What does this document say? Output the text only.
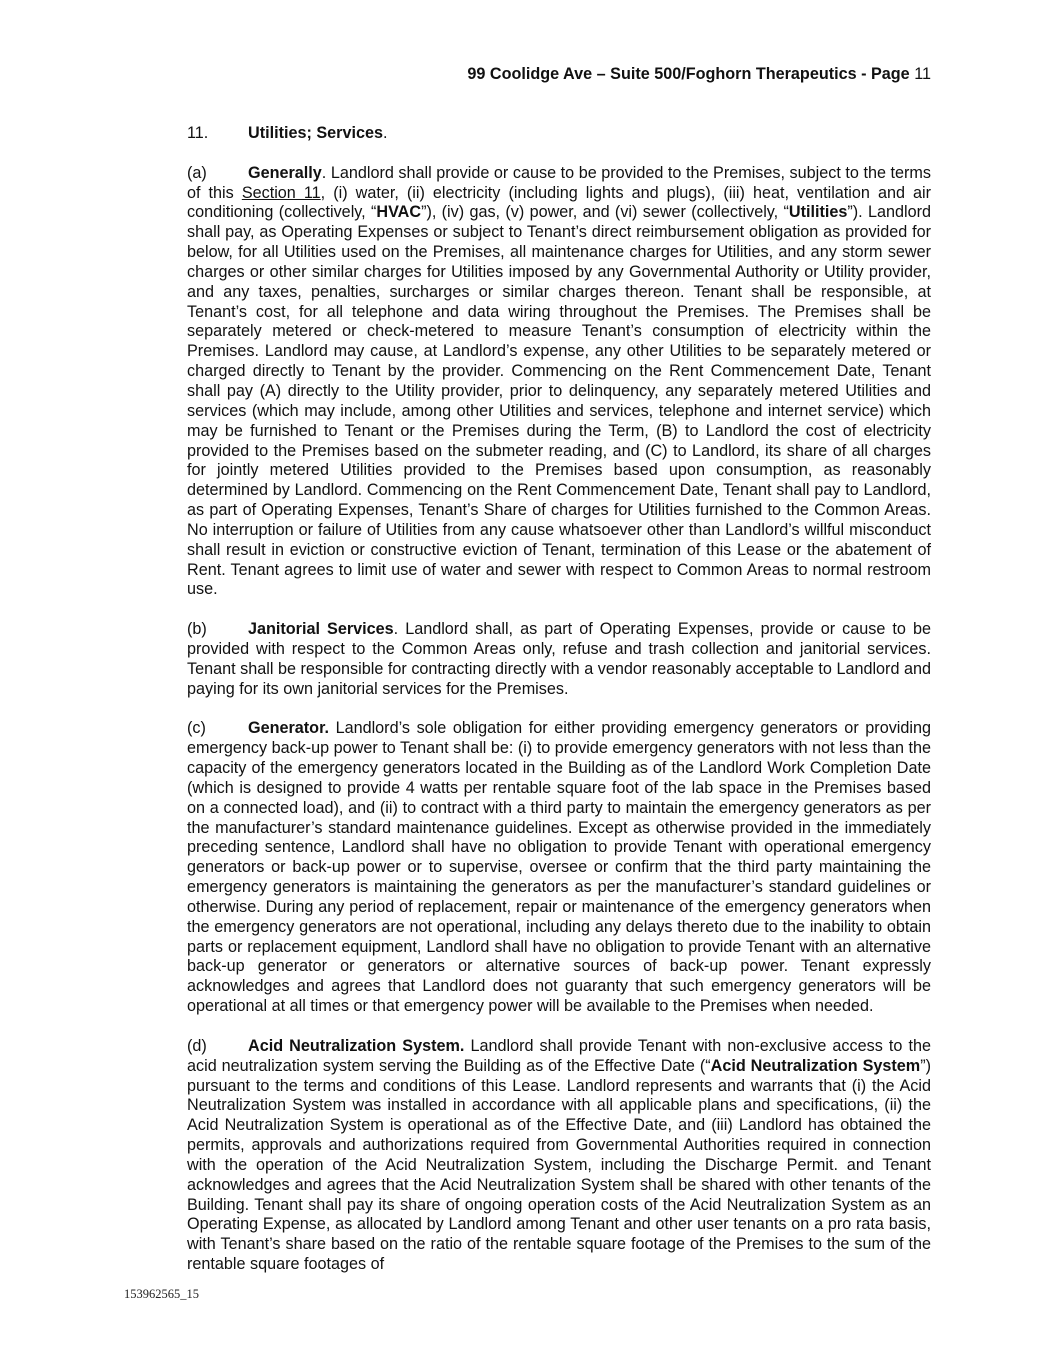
99 Coolidge Ave – Suite 500/Foghorn Therapeutics - Page 11

11. Utilities; Services.

(a)	Generally. Landlord shall provide or cause to be provided to the Premises, subject to the terms of this Section 11, (i) water, (ii) electricity (including lights and plugs), (iii) heat, ventilation and air conditioning (collectively, “HVAC”), (iv) gas, (v) power, and (vi) sewer (collectively, “Utilities”). Landlord shall pay, as Operating Expenses or subject to Tenant’s direct reimbursement obligation as provided for below, for all Utilities used on the Premises, all maintenance charges for Utilities, and any storm sewer charges or other similar charges for Utilities imposed by any Governmental Authority or Utility provider, and any taxes, penalties, surcharges or similar charges thereon. Tenant shall be responsible, at Tenant’s cost, for all telephone and data wiring throughout the Premises. The Premises shall be separately metered or check-metered to measure Tenant’s consumption of electricity within the Premises. Landlord may cause, at Landlord’s expense, any other Utilities to be separately metered or charged directly to Tenant by the provider. Commencing on the Rent Commencement Date, Tenant shall pay (A) directly to the Utility provider, prior to delinquency, any separately metered Utilities and services (which may include, among other Utilities and services, telephone and internet service) which may be furnished to Tenant or the Premises during the Term, (B) to Landlord the cost of electricity provided to the Premises based on the submeter reading, and (C) to Landlord, its share of all charges for jointly metered Utilities provided to the Premises based upon consumption, as reasonably determined by Landlord. Commencing on the Rent Commencement Date, Tenant shall pay to Landlord, as part of Operating Expenses, Tenant’s Share of charges for Utilities furnished to the Common Areas. No interruption or failure of Utilities from any cause whatsoever other than Landlord’s willful misconduct shall result in eviction or constructive eviction of Tenant, termination of this Lease or the abatement of Rent. Tenant agrees to limit use of water and sewer with respect to Common Areas to normal restroom use.

(b)	Janitorial Services. Landlord shall, as part of Operating Expenses, provide or cause to be provided with respect to the Common Areas only, refuse and trash collection and janitorial services. Tenant shall be responsible for contracting directly with a vendor reasonably acceptable to Landlord and paying for its own janitorial services for the Premises.

(c)	Generator. Landlord’s sole obligation for either providing emergency generators or providing emergency back-up power to Tenant shall be: (i) to provide emergency generators with not less than the capacity of the emergency generators located in the Building as of the Landlord Work Completion Date (which is designed to provide 4 watts per rentable square foot of the lab space in the Premises based on a connected load), and (ii) to contract with a third party to maintain the emergency generators as per the manufacturer’s standard maintenance guidelines. Except as otherwise provided in the immediately preceding sentence, Landlord shall have no obligation to provide Tenant with operational emergency generators or back-up power or to supervise, oversee or confirm that the third party maintaining the emergency generators is maintaining the generators as per the manufacturer’s standard guidelines or otherwise. During any period of replacement, repair or maintenance of the emergency generators when the emergency generators are not operational, including any delays thereto due to the inability to obtain parts or replacement equipment, Landlord shall have no obligation to provide Tenant with an alternative back-up generator or generators or alternative sources of back-up power. Tenant expressly acknowledges and agrees that Landlord does not guaranty that such emergency generators will be operational at all times or that emergency power will be available to the Premises when needed.

(d)	Acid Neutralization System. Landlord shall provide Tenant with non-exclusive access to the acid neutralization system serving the Building as of the Effective Date (“Acid Neutralization System”) pursuant to the terms and conditions of this Lease. Landlord represents and warrants that (i) the Acid Neutralization System was installed in accordance with all applicable plans and specifications, (ii) the Acid Neutralization System is operational as of the Effective Date, and (iii) Landlord has obtained the permits, approvals and authorizations required from Governmental Authorities required in connection with the operation of the Acid Neutralization System, including the Discharge Permit. and Tenant acknowledges and agrees that the Acid Neutralization System shall be shared with other tenants of the Building. Tenant shall pay its share of ongoing operation costs of the Acid Neutralization System as an Operating Expense, as allocated by Landlord among Tenant and other user tenants on a pro rata basis, with Tenant’s share based on the ratio of the rentable square footage of the Premises to the sum of the rentable square footages of

153962565_15
